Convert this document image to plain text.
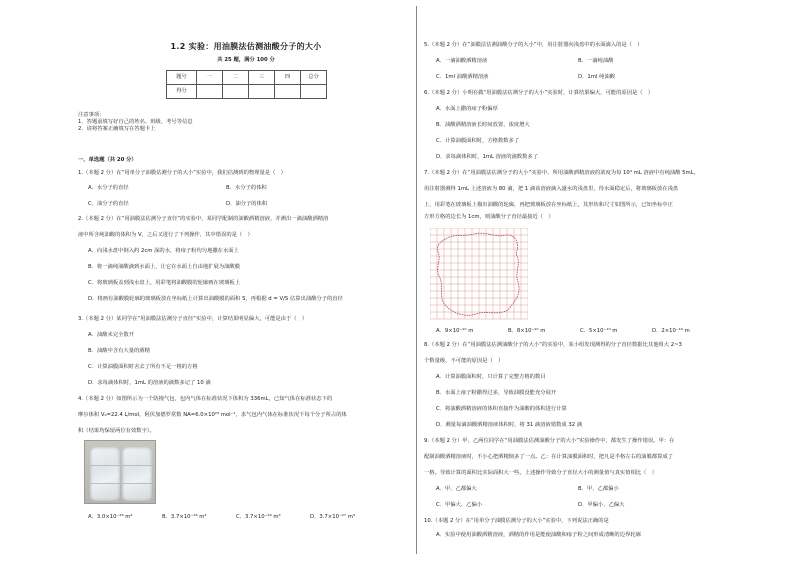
1.2 实验：用油膜法估测油酸分子的大小
共 25 题，满分 100 分
题号	一	二	三	四	总分
得分					
注意事项：
1．答题前填写好自己的姓名、班级、考号等信息
2．请将答案正确填写在答题卡上
一、单选题（共 20 分）
1.（本题 2 分）在“用单分子油膜估测分子的大小”实验中，我们估测到的物理量是（　）
A．水分子的直径	B．水分子的体积
C．油分子的直径	D．油分子的体积
2.（本题 2 分）在“用油膜法估测分子直径”的实验中，某同学配制的油酸酒精溶液，并测出一滴油酸酒精溶
液中所含纯油酸的体积为 V，之后又进行了下列操作，其中错误的是（　）
A．向浅水盘中倒入约 2cm 深的水，将痱子粉均匀地撒在水面上
B．将一滴纯油酸滴到水面上，让它在水面上自由地扩展为油酸膜
C．将玻璃板盖到浅水盘上，用彩笔将油酸膜的轮廓画在玻璃板上
D．将画有油酸膜轮廓的玻璃板放在坐标纸上计算出油酸膜的面积 S，再根据 d = V/S 估算出油酸分子的直径
3.（本题 2 分）某同学在“用油膜法估测分子直径”实验中，计算结果明显偏大，可能是由于（　）
A．油酸未完全散开
B．油酸中含有大量的酒精
C．计算油膜面积时舍去了所有不足一格的方格
D．求每滴体积时，1mL 的溶液的滴数多记了 10 滴
4.（本题 2 分）如图所示为一个防撞气包，包内气体在标准状况下体积为 336mL，已知气体在标准状态下的
摩尔体积 V₀=22.4 L/mol，阿伏加德罗常数 NA=6.0×10²³ mol⁻¹，求气包内气体在标准状况下每个分子所占的体
积（结果均保留两位有效数字）。
A．3.0×10⁻²⁶ m³	B．3.7×10⁻²⁶ m³	C．3.7×10⁻²⁹ m³	D．3.7×10⁻²⁷ m³
5.（本题 2 分）在“油膜法估测油酸分子的大小”中，用注射器向浅盘中的水面滴入的是（　）
A．一滴油酸酒精溶液	B．一滴纯油酸
C．1ml 油酸酒精溶液	D．1ml 纯油酸
6.（本题 2 分）小明在做“用油膜法估测分子的大小”实验时，计算结果偏大，可能的原因是（　）
A．水面上撒的痱子粉偏厚
B．油酸酒精溶液长时间放置，浓度增大
C．计算油膜面积时，方格数数多了
D．求每滴体积时，1mL 溶液的滴数数多了
7.（本题 2 分）在“用油膜法估测分子的大小”实验中，所用油酸酒精溶液的浓度为每 10⁴ mL 溶液中有纯油酸 5mL，
用注射器测得 1mL 上述溶液为 80 滴，把 1 滴该溶液滴入盛水的浅盘里，待水面稳定后，将玻璃板放在浅盘
上，用彩笔在玻璃板上描出油酸的轮廓，再把玻璃板放在坐标纸上，其形状和尺寸如图所示，已知坐标中正
方形方格的边长为 1cm，则油酸分子直径最接近（　）
A．9×10⁻¹⁰ m	B．8×10⁻¹⁰ m	C．5×10⁻¹⁰ m	D．2×10⁻¹⁰ m
8.（本题 2 分）在“用油膜法估测油酸分子的大小”的实验中，某小组发现测得的分子直径数据比其他组大 2~3
个数量级，不可能的原因是（　）
A．计算油膜面积时，只计算了完整方格的数目
B．水面上痱子粉撒得过多，导致油膜没能充分展开
C．将油酸酒精溶液的体积直接作为油酸的体积进行计算
D．测量每滴油酸酒精溶液体积时，将 31 滴溶液错数成 32 滴
9.（本题 2 分）甲、乙两位同学在“用油膜法估测油酸分子的大小”实验操作中，都发生了操作错误。甲：在
配制油酸酒精溶液时，不小心把酒精倒多了一点。乙：在计算油膜面积时，把凡是半格左右的油膜都算成了
一格。导致计算的面积比实际面积大一些。上述操作导致分子直径大小的测量值与真实值相比（　）
A．甲、乙都偏大	B．甲、乙都偏小
C．甲偏大、乙偏小	D．甲偏小、乙偏大
10.（本题 2 分）在“用单分子油膜估测分子的大小”实验中，下列说法正确的是
A．实验中使用油酸酒精溶液，酒精的作用是能使油酸和痱子粉之间形成清晰的边界轮廓
